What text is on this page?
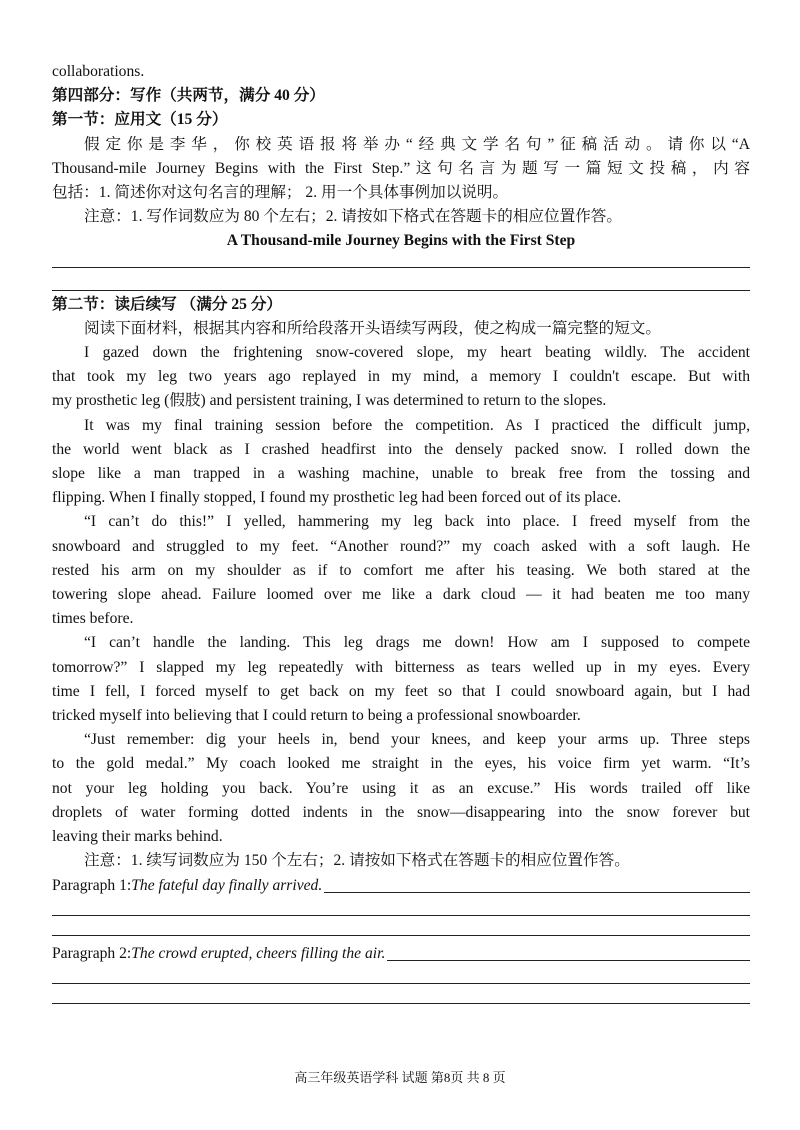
collaborations.
第四部分：写作（共两节，满分 40 分）
第一节：应用文（15 分）
假定你是李华，你校英语报将举办“经典文学名句”征稿活动。请你以“A
Thousand-mile Journey Begins with the First Step.”这句名言为题写一篇短文投稿，内容
包括：1. 简述你对这句名言的理解； 2. 用一个具体事例加以说明。
注意：1. 写作词数应为 80 个左右；2. 请按如下格式在答题卡的相应位置作答。
A Thousand-mile Journey Begins with the First Step
第二节：读后续写 （满分 25 分）
阅读下面材料，根据其内容和所给段落开头语续写两段，使之构成一篇完整的短文。
I gazed down the frightening snow-covered slope, my heart beating wildly. The accident
that took my leg two years ago replayed in my mind, a memory I couldn't escape. But with
my prosthetic leg (假肢) and persistent training, I was determined to return to the slopes.
It was my final training session before the competition. As I practiced the difficult jump,
the world went black as I crashed headfirst into the densely packed snow. I rolled down the
slope like a man trapped in a washing machine, unable to break free from the tossing and
flipping. When I finally stopped, I found my prosthetic leg had been forced out of its place.
“I can’t do this!” I yelled, hammering my leg back into place. I freed myself from the
snowboard and struggled to my feet. “Another round?” my coach asked with a soft laugh. He
rested his arm on my shoulder as if to comfort me after his teasing. We both stared at the
towering slope ahead. Failure loomed over me like a dark cloud — it had beaten me too many
times before.
“I can’t handle the landing. This leg drags me down! How am I supposed to compete
tomorrow?” I slapped my leg repeatedly with bitterness as tears welled up in my eyes. Every
time I fell, I forced myself to get back on my feet so that I could snowboard again, but I had
tricked myself into believing that I could return to being a professional snowboarder.
“Just remember: dig your heels in, bend your knees, and keep your arms up. Three steps
to the gold medal.” My coach looked me straight in the eyes, his voice firm yet warm. “It’s
not your leg holding you back. You’re using it as an excuse.” His words trailed off like
droplets of water forming dotted indents in the snow—disappearing into the snow forever but
leaving their marks behind.
注意：1. 续写词数应为 150 个左右；2. 请按如下格式在答题卡的相应位置作答。
Paragraph 1: The fateful day finally arrived.
Paragraph 2: The crowd erupted, cheers filling the air.
高三年级英语学科 试题 第8页 共 8 页
